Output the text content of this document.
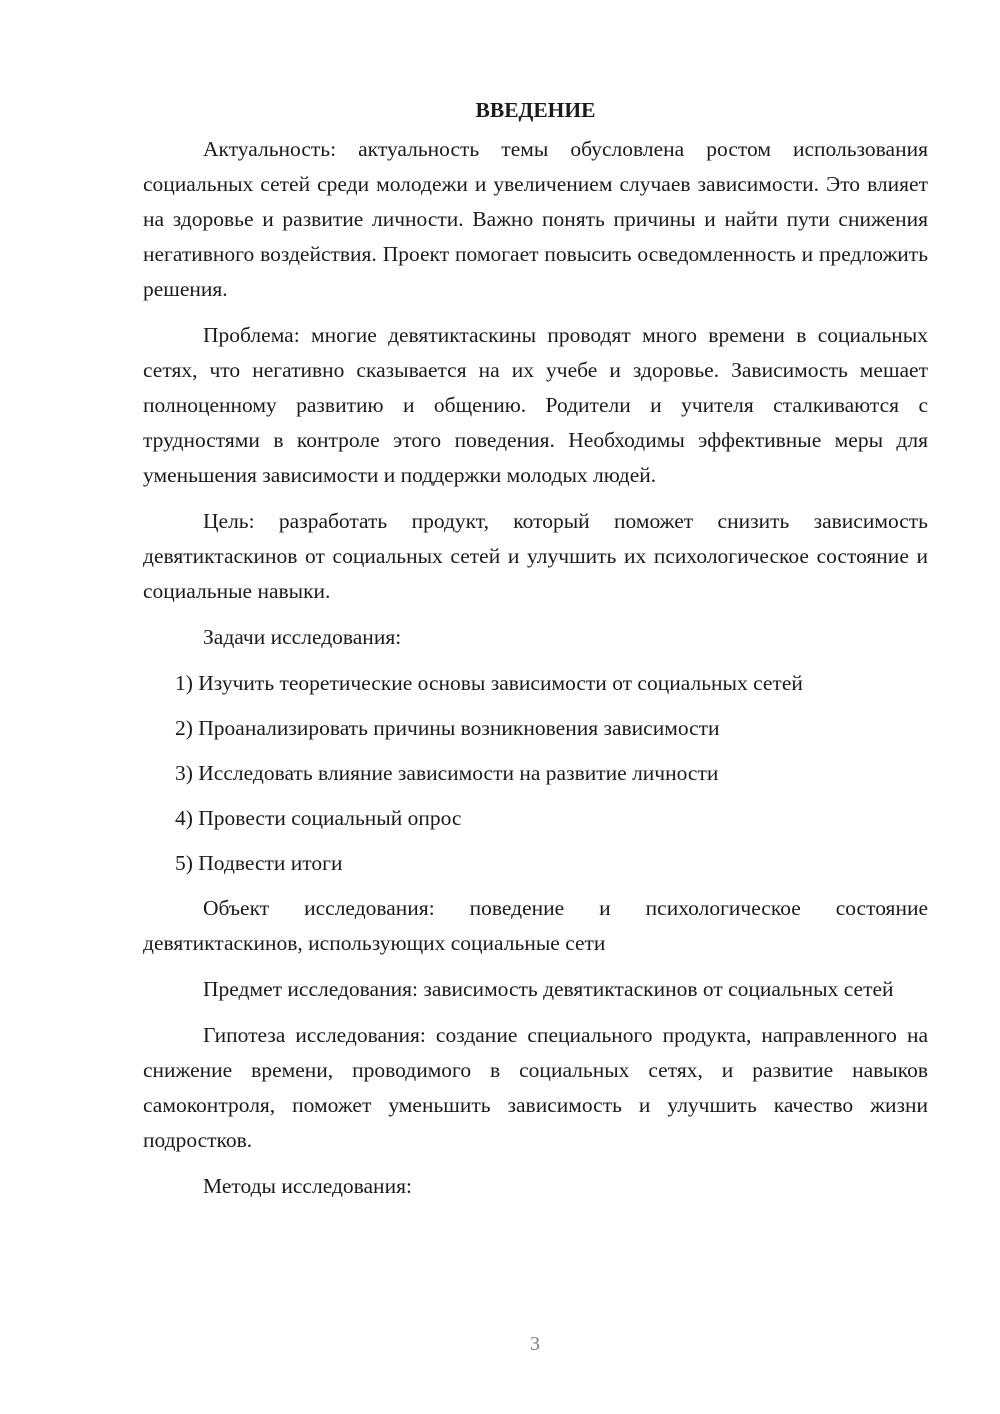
ВВЕДЕНИЕ

Актуальность: актуальность темы обусловлена ростом использования социальных сетей среди молодежи и увеличением случаев зависимости. Это влияет на здоровье и развитие личности. Важно понять причины и найти пути снижения негативного воздействия. Проект помогает повысить осведомленность и предложить решения.

Проблема: многие девятиктаскины проводят много времени в социальных сетях, что негативно сказывается на их учебе и здоровье. Зависимость мешает полноценному развитию и общению. Родители и учителя сталкиваются с трудностями в контроле этого поведения. Необходимы эффективные меры для уменьшения зависимости и поддержки молодых людей.

Цель: разработать продукт, который поможет снизить зависимость девятиктаскинов от социальных сетей и улучшить их психологическое состояние и социальные навыки.

Задачи исследования:

1) Изучить теоретические основы зависимости от социальных сетей
2) Проанализировать причины возникновения зависимости
3) Исследовать влияние зависимости на развитие личности
4) Провести социальный опрос
5) Подвести итоги

Объект исследования: поведение и психологическое состояние девятиктаскинов, использующих социальные сети

Предмет исследования: зависимость девятиктаскинов от социальных сетей

Гипотеза исследования: создание специального продукта, направленного на снижение времени, проводимого в социальных сетях, и развитие навыков самоконтроля, поможет уменьшить зависимость и улучшить качество жизни подростков.

Методы исследования:

3
